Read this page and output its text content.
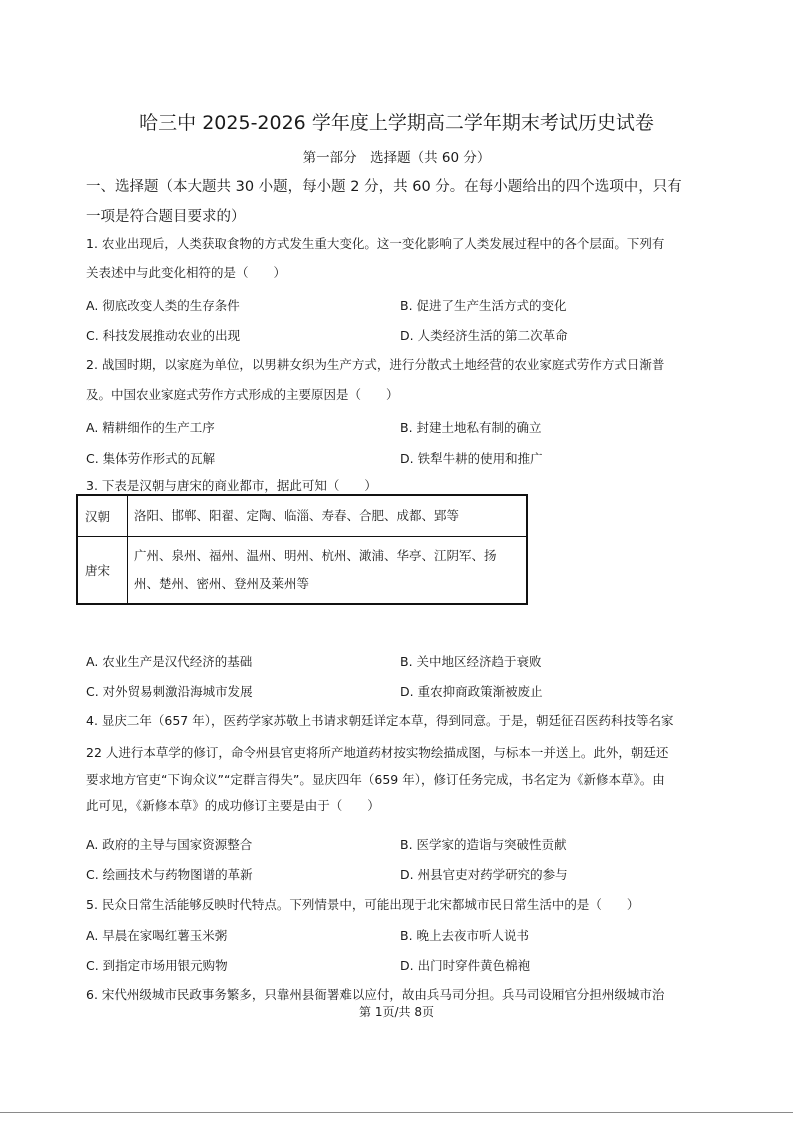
哈三中 2025-2026 学年度上学期高二学年期末考试历史试卷
第一部分　选择题（共 60 分）
一、选择题（本大题共 30 小题，每小题 2 分，共 60 分。在每小题给出的四个选项中，只有
一项是符合题目要求的）
1. 农业出现后，人类获取食物的方式发生重大变化。这一变化影响了人类发展过程中的各个层面。下列有
关表述中与此变化相符的是（　　）
A. 彻底改变人类的生存条件	B. 促进了生产生活方式的变化
C. 科技发展推动农业的出现	D. 人类经济生活的第二次革命
2. 战国时期，以家庭为单位，以男耕女织为生产方式，进行分散式土地经营的农业家庭式劳作方式日渐普
及。中国农业家庭式劳作方式形成的主要原因是（　　）
A. 精耕细作的生产工序	B. 封建土地私有制的确立
C. 集体劳作形式的瓦解	D. 铁犁牛耕的使用和推广
3. 下表是汉朝与唐宋的商业都市，据此可知（　　）
汉朝	洛阳、邯郸、阳翟、定陶、临淄、寿春、合肥、成都、郢等
唐宋	广州、泉州、福州、温州、明州、杭州、澉浦、华亭、江阴军、扬州、楚州、密州、登州及莱州等
A. 农业生产是汉代经济的基础	B. 关中地区经济趋于衰败
C. 对外贸易刺激沿海城市发展	D. 重农抑商政策渐被废止
4. 显庆二年（657 年），医药学家苏敬上书请求朝廷详定本草，得到同意。于是，朝廷征召医药科技等名家
22 人进行本草学的修订，命令州县官吏将所产地道药材按实物绘描成图，与标本一并送上。此外，朝廷还
要求地方官吏“下询众议”“定群言得失”。显庆四年（659 年），修订任务完成，书名定为《新修本草》。由
此可见，《新修本草》的成功修订主要是由于（　　）
A. 政府的主导与国家资源整合	B. 医学家的造诣与突破性贡献
C. 绘画技术与药物图谱的革新	D. 州县官吏对药学研究的参与
5. 民众日常生活能够反映时代特点。下列情景中，可能出现于北宋都城市民日常生活中的是（　　）
A. 早晨在家喝红薯玉米粥	B. 晚上去夜市听人说书
C. 到指定市场用银元购物	D. 出门时穿件黄色棉袍
6. 宋代州级城市民政事务繁多，只靠州县衙署难以应付，故由兵马司分担。兵马司设厢官分担州级城市治
第 1页/共 8页
